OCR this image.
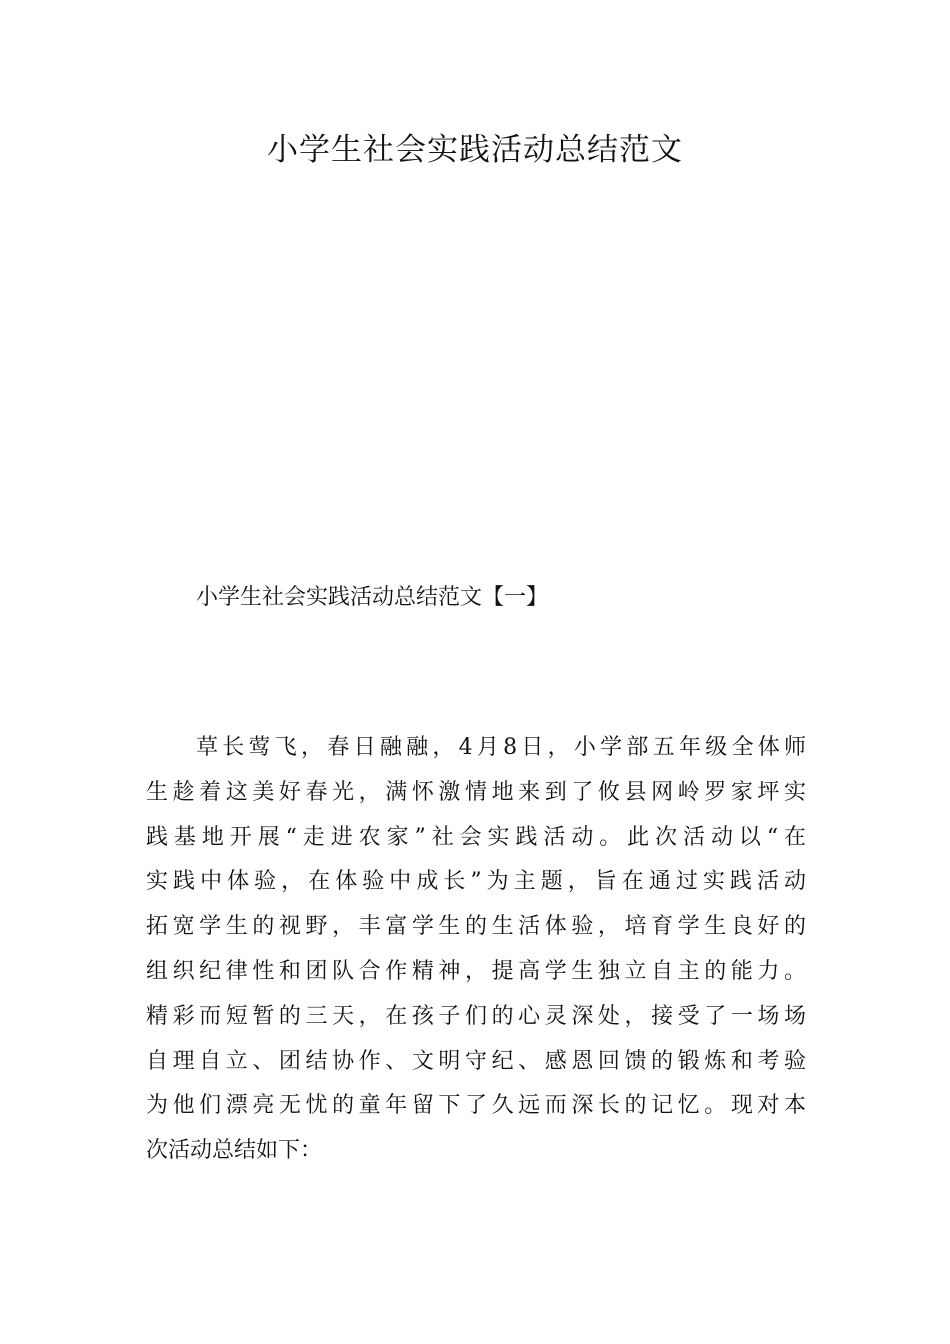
小学生社会实践活动总结范文
小学生社会实践活动总结范文【一】
草长莺飞，春日融融，4月8日，小学部五年级全体师
生趁着这美好春光，满怀激情地来到了攸县网岭罗家坪实
践基地开展“走进农家”社会实践活动。此次活动以“在
实践中体验，在体验中成长”为主题，旨在通过实践活动
拓宽学生的视野，丰富学生的生活体验，培育学生良好的
组织纪律性和团队合作精神，提高学生独立自主的能力。
精彩而短暂的三天，在孩子们的心灵深处，接受了一场场
自理自立、团结协作、文明守纪、感恩回馈的锻炼和考验
为他们漂亮无忧的童年留下了久远而深长的记忆。现对本
次活动总结如下：
